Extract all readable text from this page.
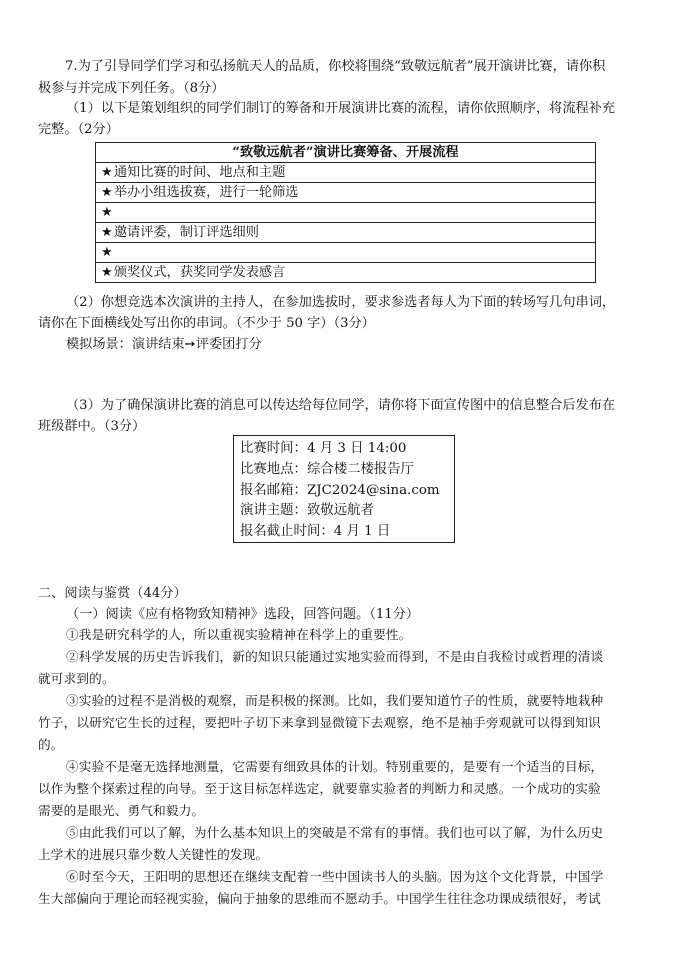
7.为了引导同学们学习和弘扬航天人的品质，你校将围绕“致敬远航者”展开演讲比赛，请你积
极参与并完成下列任务。（8分）
（1）以下是策划组织的同学们制订的筹备和开展演讲比赛的流程，请你依照顺序，将流程补充
完整。（2分）
“致敬远航者”演讲比赛筹备、开展流程
★通知比赛的时间、地点和主题
★举办小组选拔赛，进行一轮筛选
★
★邀请评委，制订评选细则
★
★颁奖仪式，获奖同学发表感言
（2）你想竞选本次演讲的主持人，在参加选拔时，要求参选者每人为下面的转场写几句串词，
请你在下面横线处写出你的串词。（不少于 50 字）（3分）
模拟场景：演讲结束➙评委团打分
（3）为了确保演讲比赛的消息可以传达给每位同学，请你将下面宣传图中的信息整合后发布在
班级群中。（3分）
比赛时间：4 月 3 日 14:00
比赛地点：综合楼二楼报告厅
报名邮箱：ZJC2024@sina.com
演讲主题：致敬远航者
报名截止时间：4 月 1 日
二、阅读与鉴赏（44分）
（一）阅读《应有格物致知精神》选段，回答问题。（11分）
①我是研究科学的人，所以重视实验精神在科学上的重要性。
②科学发展的历史告诉我们，新的知识只能通过实地实验而得到，不是由自我检讨或哲理的清谈
就可求到的。
③实验的过程不是消极的观察，而是积极的探测。比如，我们要知道竹子的性质，就要特地栽种
竹子，以研究它生长的过程，要把叶子切下来拿到显微镜下去观察，绝不是袖手旁观就可以得到知识
的。
④实验不是毫无选择地测量，它需要有细致具体的计划。特别重要的，是要有一个适当的目标，
以作为整个探索过程的向导。至于这目标怎样选定，就要靠实验者的判断力和灵感。一个成功的实验
需要的是眼光、勇气和毅力。
⑤由此我们可以了解，为什么基本知识上的突破是不常有的事情。我们也可以了解，为什么历史
上学术的进展只靠少数人关键性的发现。
⑥时至今天，王阳明的思想还在继续支配着一些中国读书人的头脑。因为这个文化背景，中国学
生大部偏向于理论而轻视实验，偏向于抽象的思维而不愿动手。中国学生往往念功课成绩很好，考试
